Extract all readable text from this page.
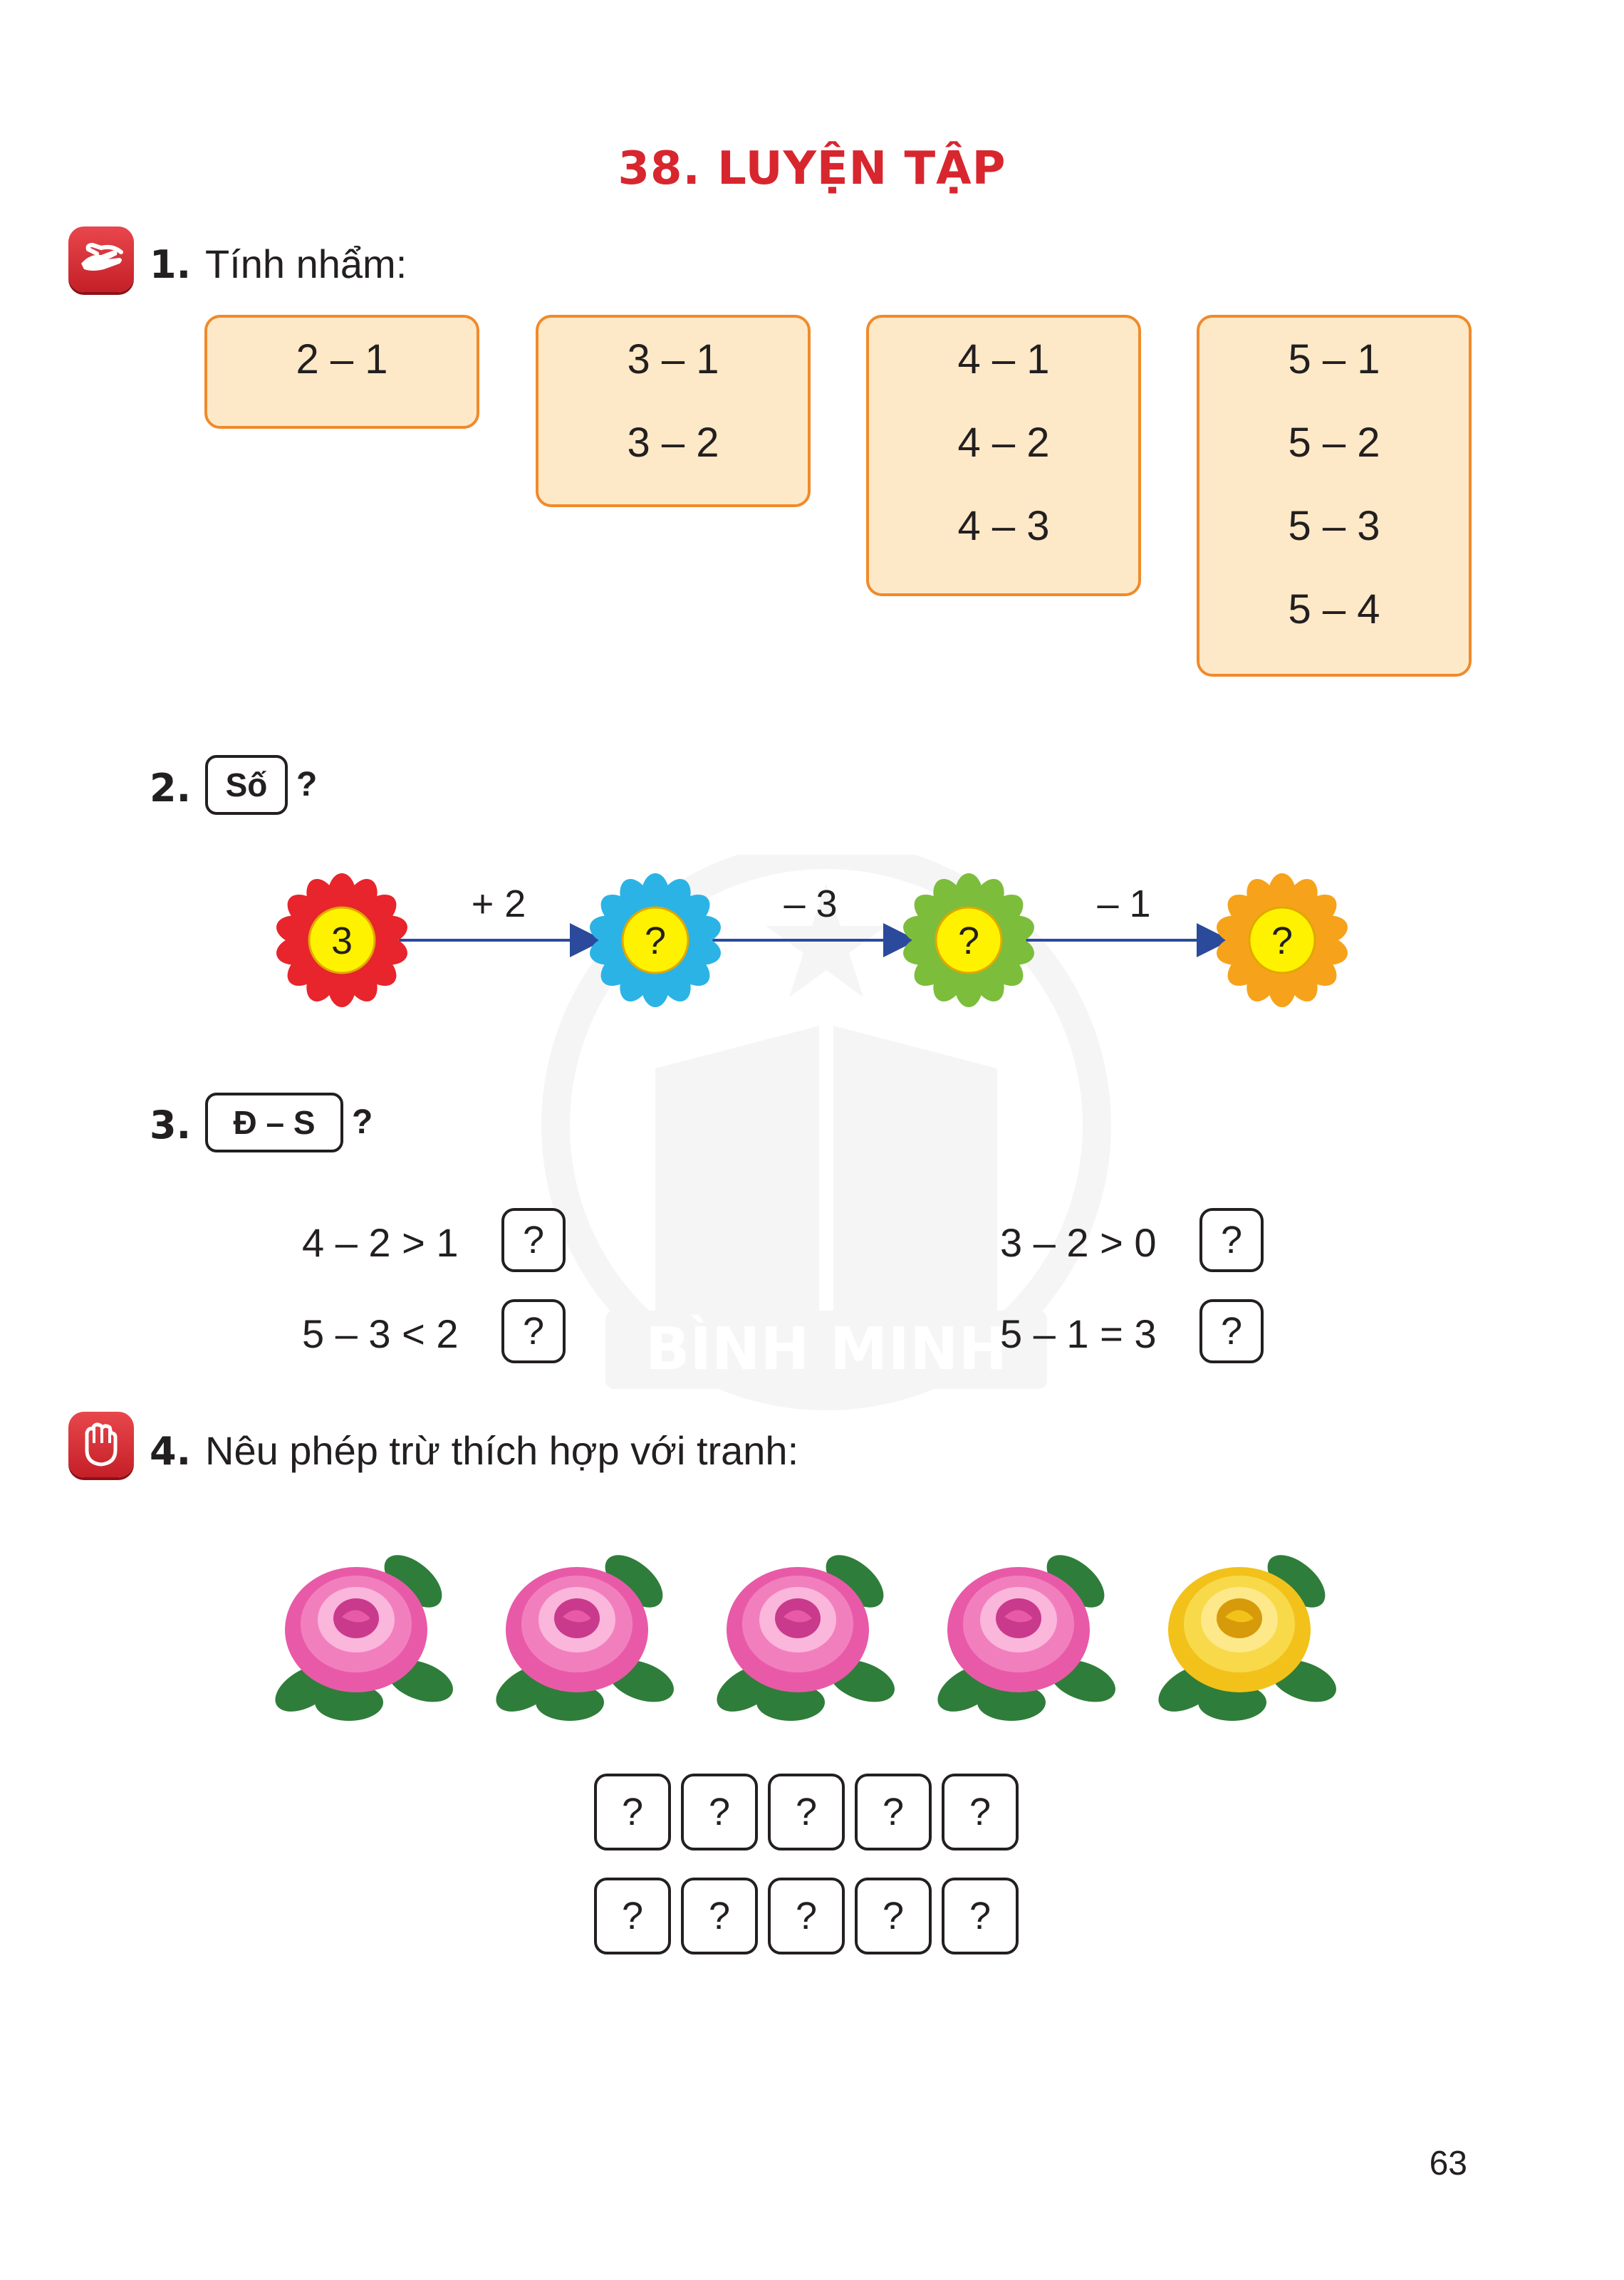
BÌNH MINH
38. LUYỆN TẬP
1. Tính nhẩm:
2 – 1	3 – 1
3 – 2
4 – 1
4 – 2
4 – 3
5 – 1
5 – 2
5 – 3
5 – 4
2.	Số ?
3	?	?	?
+ 2	– 3	– 1
3.	Đ – S	?
4 – 2 > 1	?	3 – 2 > 0	?
5 – 3 < 2	?	5 – 1 = 3	?
4. Nêu phép trừ thích hợp với tranh:
?	?	?	?	?
?	?	?	?	?
63
